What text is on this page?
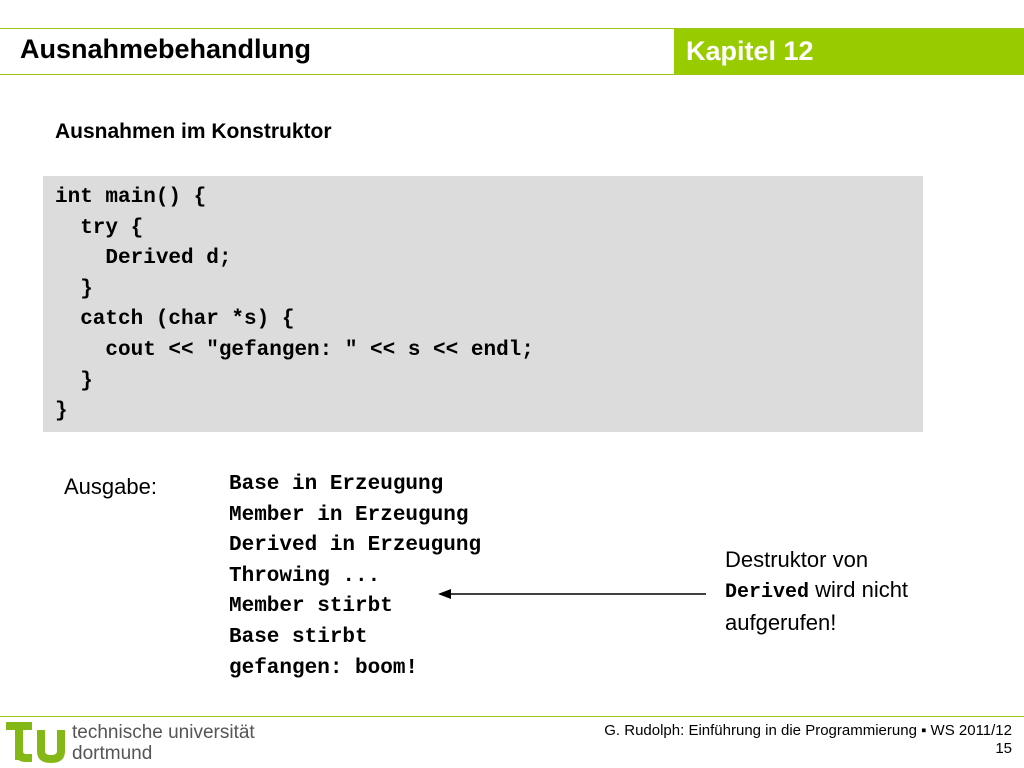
Ausnahmebehandlung	Kapitel 12
Ausnahmen im Konstruktor
int main() {
try {
Derived d;
}
catch (char *s) {
cout << "gefangen: " << s << endl;
}
}
Ausgabe:	Base in Erzeugung
Member in Erzeugung
Derived in Erzeugung
Throwing ...
Member stirbt
Base stirbt
gefangen: boom!
Destruktor von
Derived wird nicht
aufgerufen!
technische universität
dortmund
G. Rudolph: Einführung in die Programmierung ▪ WS 2011/12
15
